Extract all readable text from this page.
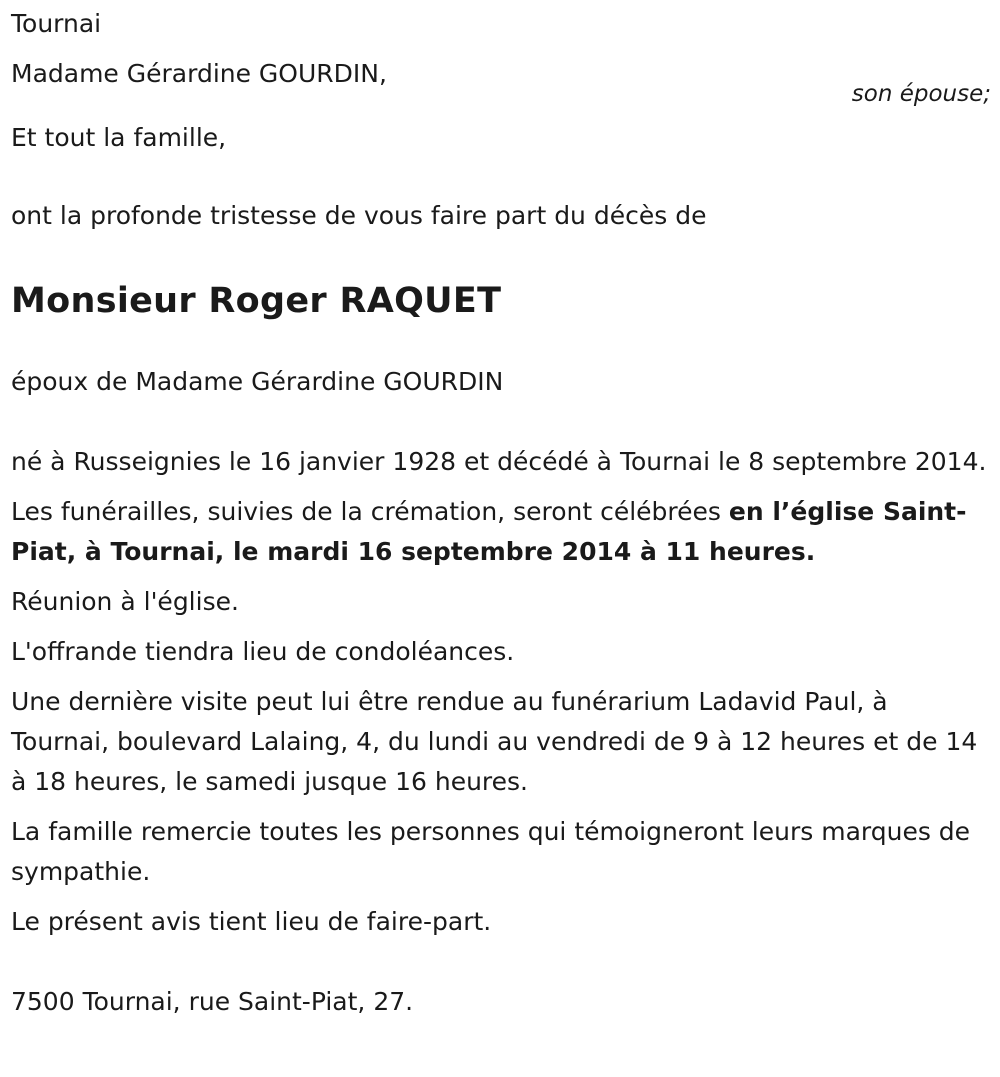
Tournai

Madame Gérardine GOURDIN,

son épouse;

Et tout la famille,

ont la profonde tristesse de vous faire part du décès de

Monsieur Roger RAQUET

époux de Madame Gérardine GOURDIN

né à Russeignies le 16 janvier 1928 et décédé à Tournai le 8 septembre 2014.

Les funérailles, suivies de la crémation, seront célébrées en l’église Saint-Piat, à Tournai, le mardi 16 septembre 2014 à 11 heures.

Réunion à l'église.

L'offrande tiendra lieu de condoléances.

Une dernière visite peut lui être rendue au funérarium Ladavid Paul, à Tournai, boulevard Lalaing, 4, du lundi au vendredi de 9 à 12 heures et de 14 à 18 heures, le samedi jusque 16 heures.

La famille remercie toutes les personnes qui témoigneront leurs marques de sympathie.

Le présent avis tient lieu de faire-part.

7500 Tournai, rue Saint-Piat, 27.
